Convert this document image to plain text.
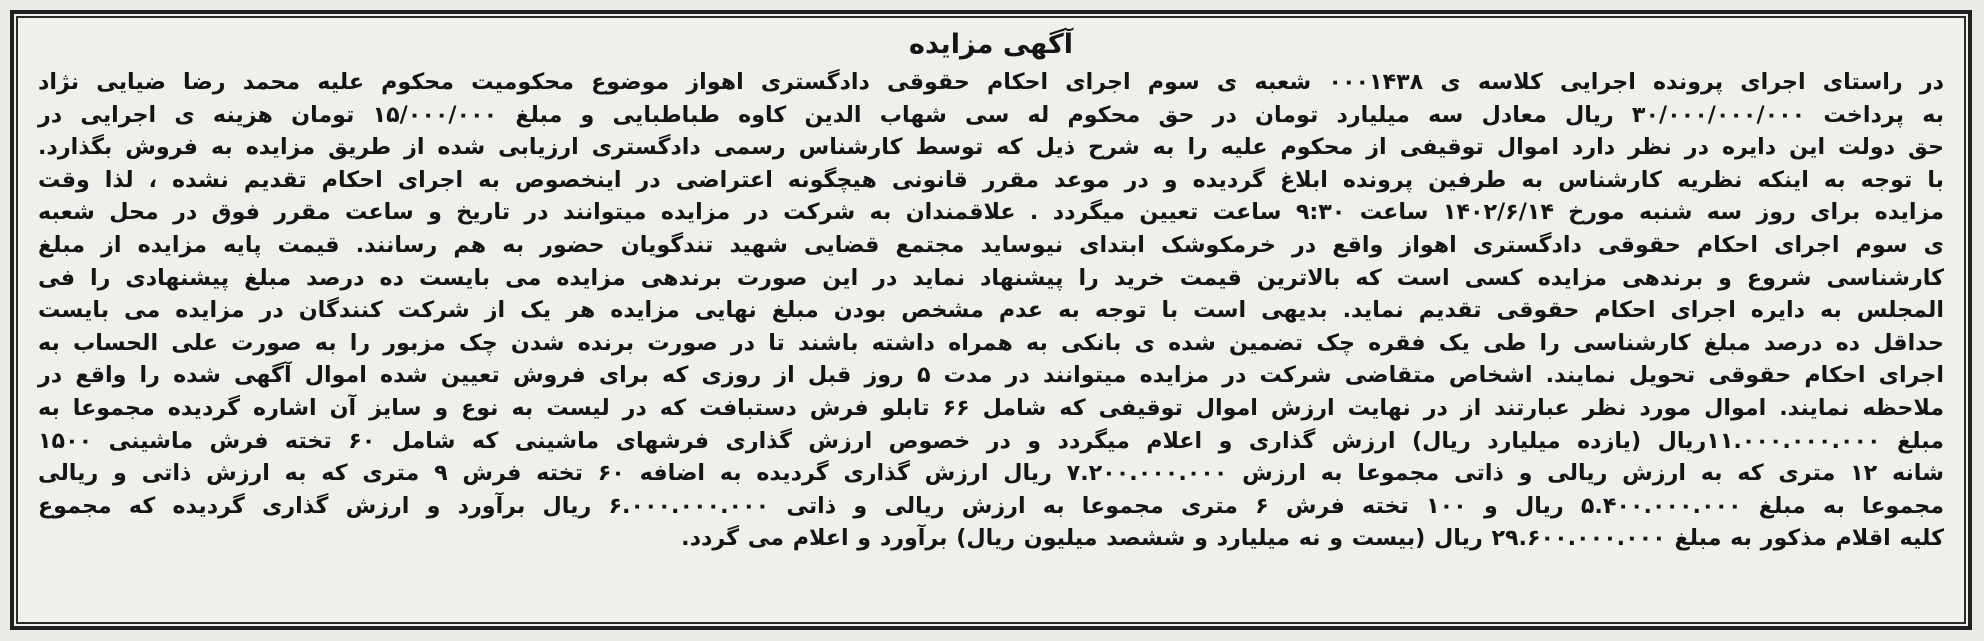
آگهی مزایده
در راستای اجرای پرونده اجرایی کلاسه ی ۰۰۰۱۴۳۸ شعبه ی سوم اجرای احکام حقوقی دادگستری اهواز موضوع محکومیت محکوم علیه محمد رضا ضیایی نژاد
به پرداخت ۳۰/۰۰۰/۰۰۰/۰۰۰ ریال معادل سه میلیارد تومان در حق محکوم له سی شهاب الدین کاوه طباطبایی و مبلغ ۱۵/۰۰۰/۰۰۰ تومان هزینه ی اجرایی در
حق دولت این دایره در نظر دارد اموال توقیفی از محکوم علیه را به شرح ذیل که توسط کارشناس رسمی دادگستری ارزیابی شده از طریق مزایده به فروش بگذارد.
با توجه به اینکه نظریه کارشناس به طرفین پرونده ابلاغ گردیده و در موعد مقرر قانونی هیچگونه اعتراضی در اینخصوص به اجرای احکام تقدیم نشده ، لذا وقت
مزایده برای روز سه شنبه مورخ ۱۴۰۲/۶/۱۴ ساعت ۹:۳۰ ساعت تعیین میگردد . علاقمندان به شرکت در مزایده میتوانند در تاریخ و ساعت مقرر فوق در محل شعبه
ی سوم اجرای احکام حقوقی دادگستری اهواز واقع در خرمکوشک ابتدای نیوساید مجتمع قضایی شهید تندگویان حضور به هم رسانند. قیمت پایه مزایده از مبلغ
کارشناسی شروع و برندهی مزایده کسی است که بالاترین قیمت خرید را پیشنهاد نماید در این صورت برندهی مزایده می بایست ده درصد مبلغ پیشنهادی را فی
المجلس به دایره اجرای احکام حقوقی تقدیم نماید. بدیهی است با توجه به عدم مشخص بودن مبلغ نهایی مزایده هر یک از شرکت کنندگان در مزایده می بایست
حداقل ده درصد مبلغ کارشناسی را طی یک فقره چک تضمین شده ی بانکی به همراه داشته باشند تا در صورت برنده شدن چک مزبور را به صورت علی الحساب به
اجرای احکام حقوقی تحویل نمایند. اشخاص متقاضی شرکت در مزایده میتوانند در مدت ۵ روز قبل از روزی که برای فروش تعیین شده اموال آگهی شده را واقع در
ملاحظه نمایند. اموال مورد نظر عبارتند از در نهایت ارزش اموال توقیفی که شامل ۶۶ تابلو فرش دستبافت که در لیست به نوع و سایز آن اشاره گردیده مجموعا به
مبلغ ۱۱.۰۰۰.۰۰۰.۰۰۰ریال (یازده میلیارد ریال) ارزش گذاری و اعلام میگردد و در خصوص ارزش گذاری فرشهای ماشینی که شامل ۶۰ تخته فرش ماشینی ۱۵۰۰
شانه ۱۲ متری که به ارزش ریالی و ذاتی مجموعا به ارزش ۷.۲۰۰.۰۰۰.۰۰۰ ریال ارزش گذاری گردیده به اضافه ۶۰ تخته فرش ۹ متری که به ارزش ذاتی و ریالی
مجموعا به مبلغ ۵.۴۰۰.۰۰۰.۰۰۰ ریال و ۱۰۰ تخته فرش ۶ متری مجموعا به ارزش ریالی و ذاتی ۶.۰۰۰.۰۰۰.۰۰۰ ریال برآورد و ارزش گذاری گردیده که مجموع
کلیه اقلام مذکور به مبلغ ۲۹.۶۰۰.۰۰۰.۰۰۰ ریال (بیست و نه میلیارد و ششصد میلیون ریال) برآورد و اعلام می گردد.
